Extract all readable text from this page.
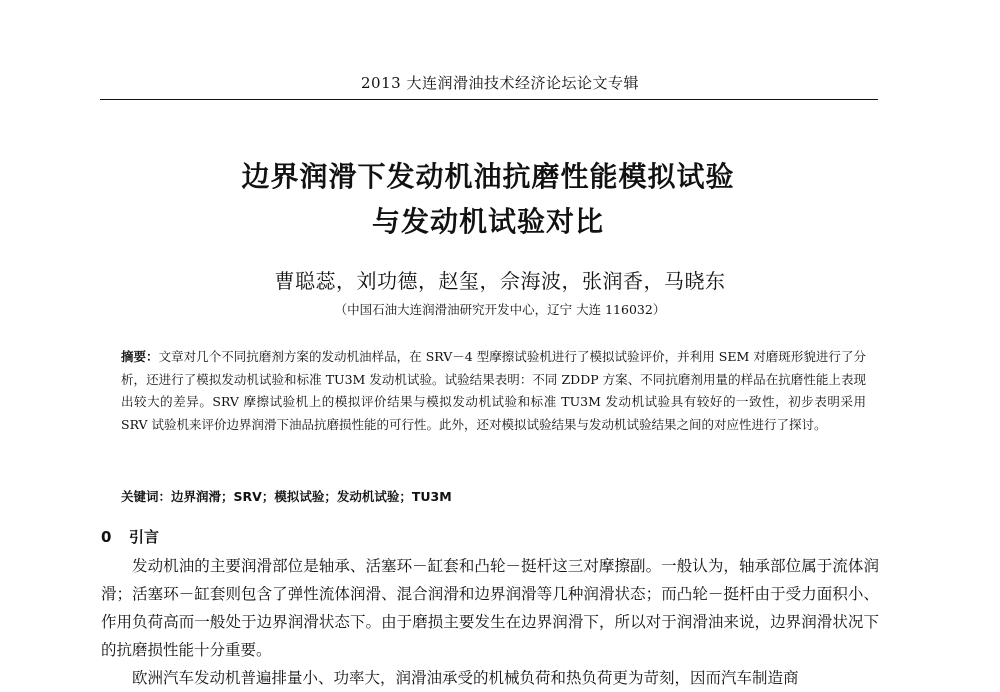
2013 大连润滑油技术经济论坛论文专辑
边界润滑下发动机油抗磨性能模拟试验
与发动机试验对比
曹聪蕊，刘功德，赵玺，佘海波，张润香，马晓东
（中国石油大连润滑油研究开发中心，辽宁 大连 116032）
摘要：文章对几个不同抗磨剂方案的发动机油样品，在 SRV－4 型摩擦试验机进行了模拟试验评价，并利用 SEM 对磨斑形貌进行了分析，还进行了模拟发动机试验和标准 TU3M 发动机试验。试验结果表明：不同 ZDDP 方案、不同抗磨剂用量的样品在抗磨性能上表现出较大的差异。SRV 摩擦试验机上的模拟评价结果与模拟发动机试验和标准 TU3M 发动机试验具有较好的一致性，初步表明采用 SRV 试验机来评价边界润滑下油品抗磨损性能的可行性。此外，还对模拟试验结果与发动机试验结果之间的对应性进行了探讨。
关键词：边界润滑；SRV；模拟试验；发动机试验；TU3M
0 引言

发动机油的主要润滑部位是轴承、活塞环－缸套和凸轮－挺杆这三对摩擦副。一般认为，轴承部位属于流体润滑；活塞环－缸套则包含了弹性流体润滑、混合润滑和边界润滑等几种润滑状态；而凸轮－挺杆由于受力面积小、作用负荷高而一般处于边界润滑状态下。由于磨损主要发生在边界润滑下，所以对于润滑油来说，边界润滑状况下的抗磨损性能十分重要。

欧洲汽车发动机普遍排量小、功率大，润滑油承受的机械负荷和热负荷更为苛刻，因而汽车制造商
